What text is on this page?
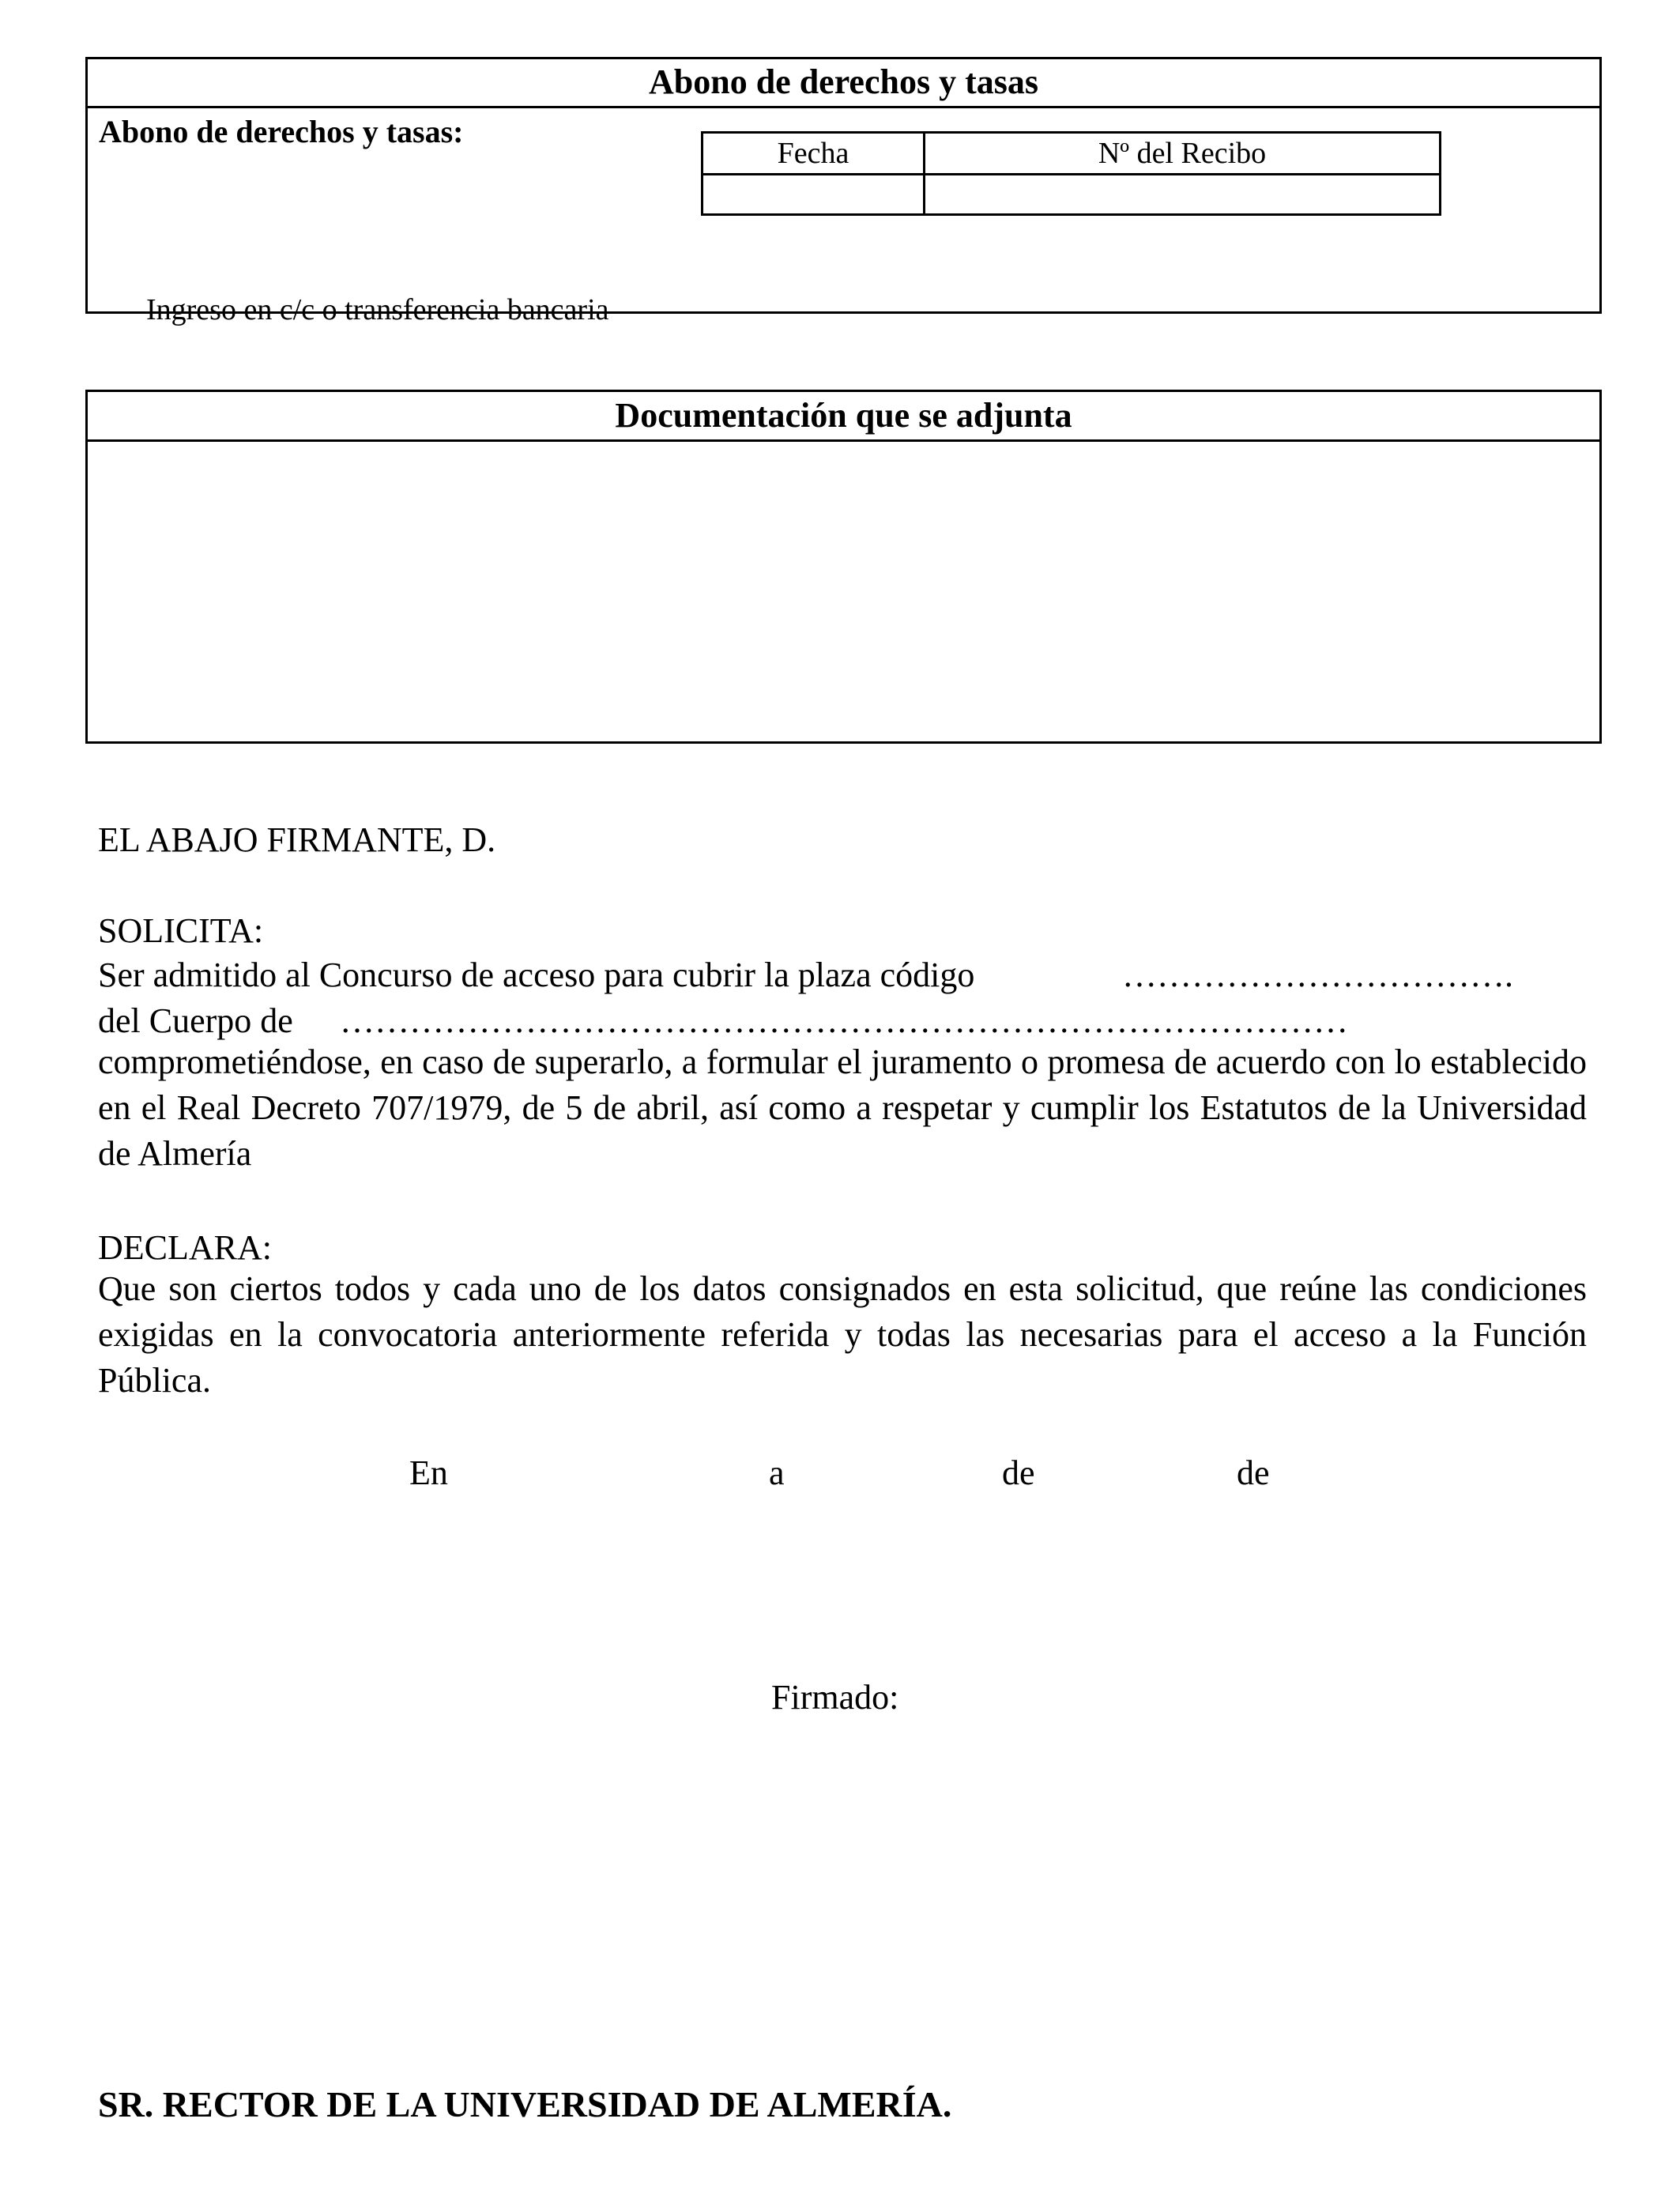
Abono de derechos y tasas
Abono de derechos y tasas:
Ingreso en c/c o transferencia bancaria
Fecha	Nº del Recibo

Documentación que se adjunta
EL ABAJO FIRMANTE, D.
SOLICITA:
Ser admitido al Concurso de acceso para cubrir la plaza código	…………………………….
del Cuerpo de ……………………………………………………………………………
comprometiéndose, en caso de superarlo, a formular el juramento o promesa de acuerdo con lo establecido en el Real Decreto 707/1979, de 5 de abril, así como a respetar y cumplir los Estatutos de la Universidad de Almería
DECLARA:
Que son ciertos todos y cada uno de los datos consignados en esta solicitud, que reúne las condiciones exigidas en la convocatoria anteriormente referida y todas las necesarias para el acceso a la Función Pública.
En	a	de	de
Firmado:
SR. RECTOR DE LA UNIVERSIDAD DE ALMERÍA.
